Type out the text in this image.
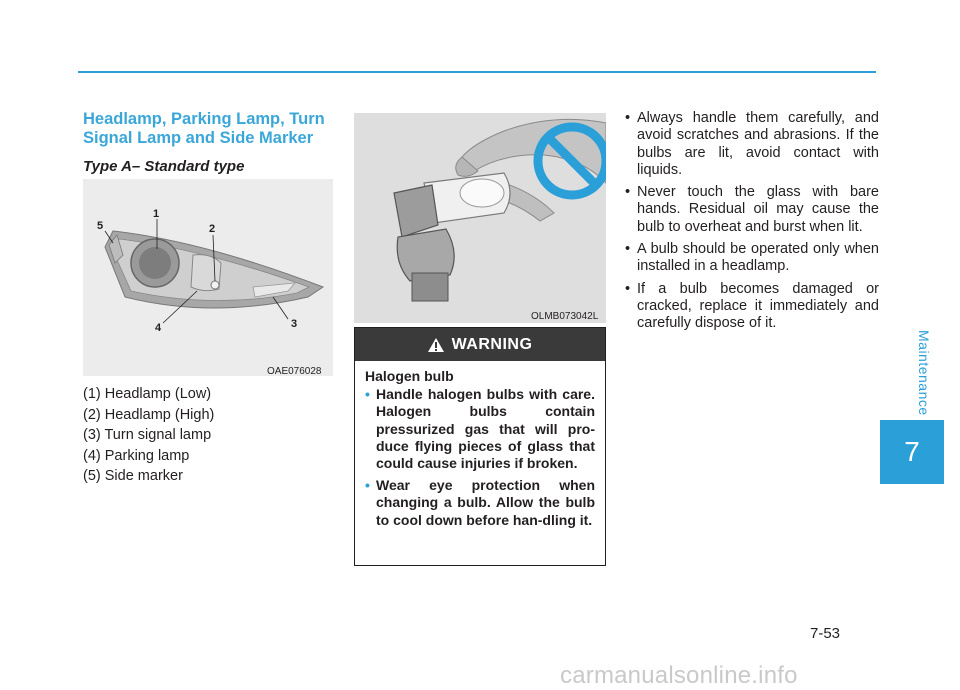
Headlamp, Parking Lamp, Turn Signal Lamp and Side Marker
Type A– Standard type
1
2
3
4
5
OAE076028
(1) Headlamp (Low)
(2) Headlamp (High)
(3) Turn signal lamp
(4) Parking lamp
(5) Side marker
OLMB073042L
WARNING
Halogen bulb
• Handle halogen bulbs with care. Halogen bulbs contain pressurized gas that will pro-duce flying pieces of glass that could cause injuries if broken.
• Wear eye protection when changing a bulb. Allow the bulb to cool down before han-dling it.
• Always handle them carefully, and avoid scratches and abrasions. If the bulbs are lit, avoid contact with liquids.
• Never touch the glass with bare hands. Residual oil may cause the bulb to overheat and burst when lit.
• A bulb should be operated only when installed in a headlamp.
• If a bulb becomes damaged or cracked, replace it immediately and carefully dispose of it.
Maintenance
7
7-53
carmanualsonline.info
